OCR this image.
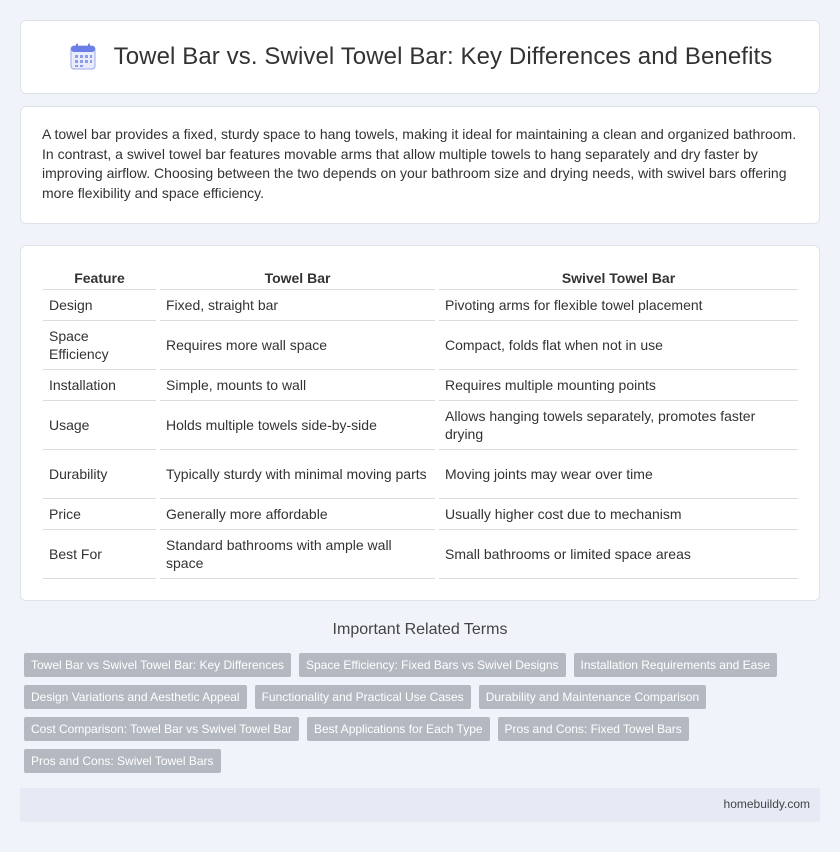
Towel Bar vs. Swivel Towel Bar: Key Differences and Benefits

A towel bar provides a fixed, sturdy space to hang towels, making it ideal for maintaining a clean and organized bathroom. In contrast, a swivel towel bar features movable arms that allow multiple towels to hang separately and dry faster by improving airflow. Choosing between the two depends on your bathroom size and drying needs, with swivel bars offering more flexibility and space efficiency.

Feature	Towel Bar	Swivel Towel Bar
Design	Fixed, straight bar	Pivoting arms for flexible towel placement
Space Efficiency	Requires more wall space	Compact, folds flat when not in use
Installation	Simple, mounts to wall	Requires multiple mounting points
Usage	Holds multiple towels side-by-side	Allows hanging towels separately, promotes faster drying
Durability	Typically sturdy with minimal moving parts	Moving joints may wear over time
Price	Generally more affordable	Usually higher cost due to mechanism
Best For	Standard bathrooms with ample wall space	Small bathrooms or limited space areas
Important Related Terms
Towel Bar vs Swivel Towel Bar: Key Differences	Space Efficiency: Fixed Bars vs Swivel Designs	Installation Requirements and Ease
Design Variations and Aesthetic Appeal	Functionality and Practical Use Cases	Durability and Maintenance Comparison
Cost Comparison: Towel Bar vs Swivel Towel Bar	Best Applications for Each Type	Pros and Cons: Fixed Towel Bars
Pros and Cons: Swivel Towel Bars
homebuildy.com
